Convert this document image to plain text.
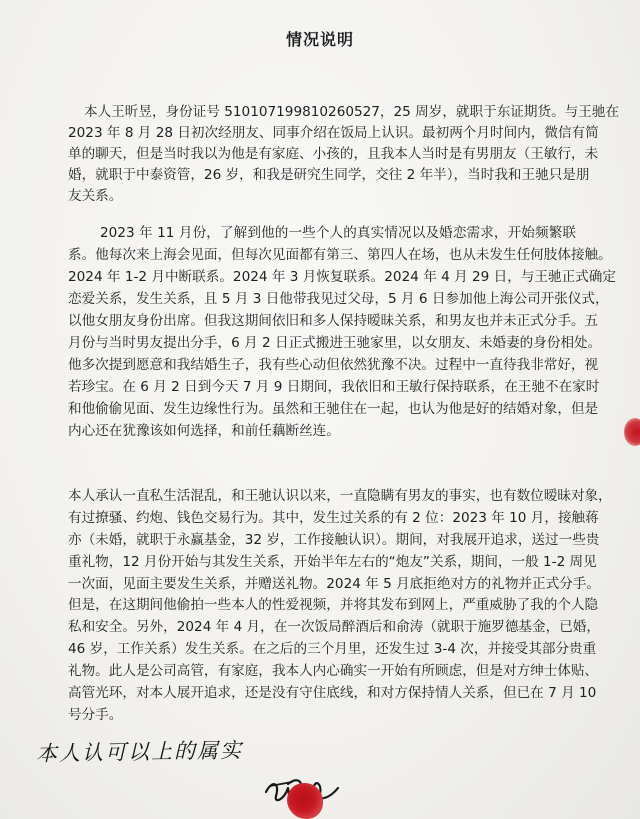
情况说明
本人王昕昱，身份证号 510107199810260527，25 周岁，就职于东证期货。与王驰在
2023 年 8 月 28 日初次经朋友、同事介绍在饭局上认识。最初两个月时间内，微信有简
单的聊天，但是当时我以为他是有家庭、小孩的，且我本人当时是有男朋友（王敏行，未
婚，就职于中泰资管，26 岁，和我是研究生同学，交往 2 年半），当时我和王驰只是朋
友关系。
2023 年 11 月份，了解到他的一些个人的真实情况以及婚恋需求，开始频繁联
系。他每次来上海会见面，但每次见面都有第三、第四人在场，也从未发生任何肢体接触。
2024 年 1-2 月中断联系。2024 年 3 月恢复联系。2024 年 4 月 29 日，与王驰正式确定
恋爱关系，发生关系，且 5 月 3 日他带我见过父母，5 月 6 日参加他上海公司开张仪式，
以他女朋友身份出席。但我这期间依旧和多人保持暧昧关系，和男友也并未正式分手。五
月份与当时男友提出分手，6 月 2 日正式搬进王驰家里，以女朋友、未婚妻的身份相处。
他多次提到愿意和我结婚生子，我有些心动但依然犹豫不决。过程中一直待我非常好，视
若珍宝。在 6 月 2 日到今天 7 月 9 日期间，我依旧和王敏行保持联系，在王驰不在家时
和他偷偷见面、发生边缘性行为。虽然和王驰住在一起，也认为他是好的结婚对象，但是
内心还在犹豫该如何选择，和前任藕断丝连。
本人承认一直私生活混乱，和王驰认识以来，一直隐瞒有男友的事实，也有数位暧昧对象，
有过撩骚、约炮、钱色交易行为。其中，发生过关系的有 2 位：2023 年 10 月，接触蒋
亦（未婚，就职于永赢基金，32 岁，工作接触认识）。期间，对我展开追求，送过一些贵
重礼物，12 月份开始与其发生关系，开始半年左右的“炮友”关系，期间，一般 1-2 周见
一次面，见面主要发生关系，并赠送礼物。2024 年 5 月底拒绝对方的礼物并正式分手。
但是，在这期间他偷拍一些本人的性爱视频，并将其发布到网上，严重威胁了我的个人隐
私和安全。另外，2024 年 4 月，在一次饭局醉酒后和俞涛（就职于施罗德基金，已婚，
46 岁，工作关系）发生关系。在之后的三个月里，还发生过 3-4 次，并接受其部分贵重
礼物。此人是公司高管，有家庭，我本人内心确实一开始有所顾虑，但是对方绅士体贴、
高管光环，对本人展开追求，还是没有守住底线，和对方保持情人关系，但已在 7 月 10
号分手。
本人认可以上的属实
